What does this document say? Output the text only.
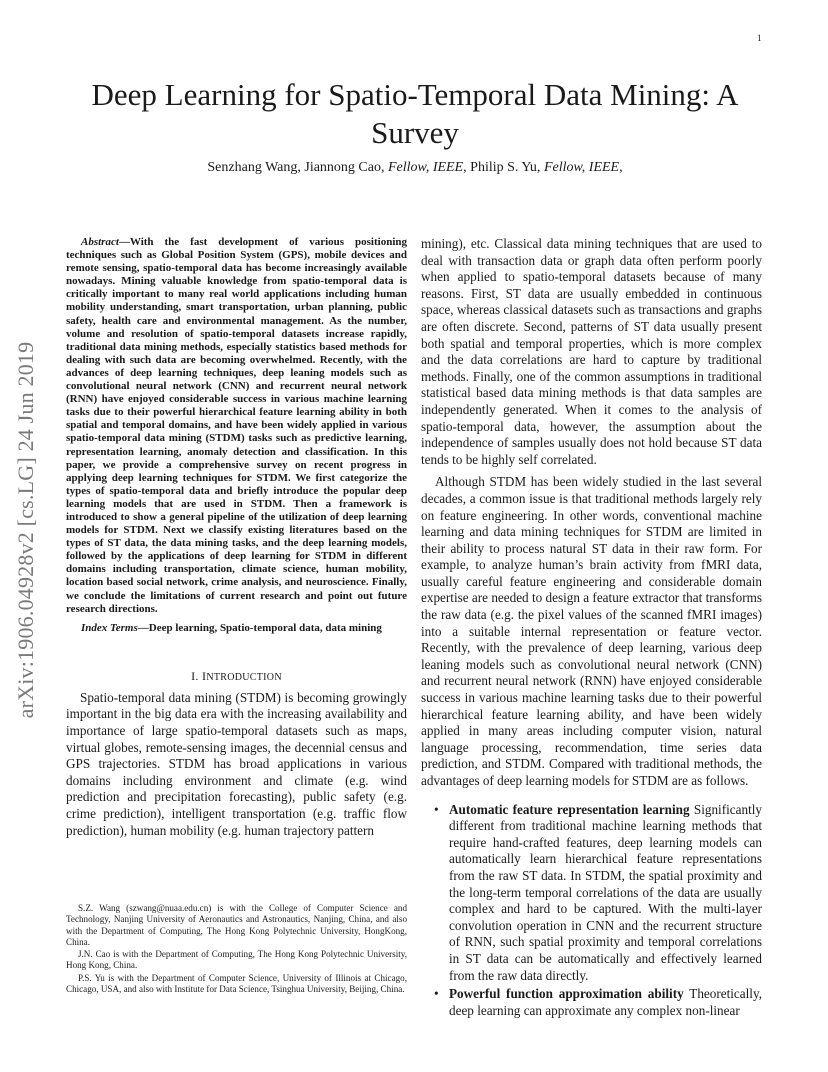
1
arXiv:1906.04928v2 [cs.LG] 24 Jun 2019
Deep Learning for Spatio-Temporal Data Mining: A Survey
Senzhang Wang, Jiannong Cao, Fellow, IEEE, Philip S. Yu, Fellow, IEEE,

Abstract—With the fast development of various positioning techniques such as Global Position System (GPS), mobile devices and remote sensing, spatio-temporal data has become increasingly available nowadays. Mining valuable knowledge from spatio-temporal data is critically important to many real world applications including human mobility understanding, smart transportation, urban planning, public safety, health care and environmental management. As the number, volume and resolution of spatio-temporal datasets increase rapidly, traditional data mining methods, especially statistics based methods for dealing with such data are becoming overwhelmed. Recently, with the advances of deep learning techniques, deep leaning models such as convolutional neural network (CNN) and recurrent neural network (RNN) have enjoyed considerable success in various machine learning tasks due to their powerful hierarchical feature learning ability in both spatial and temporal domains, and have been widely applied in various spatio-temporal data mining (STDM) tasks such as predictive learning, representation learning, anomaly detection and classification. In this paper, we provide a comprehensive survey on recent progress in applying deep learning techniques for STDM. We first categorize the types of spatio-temporal data and briefly introduce the popular deep learning models that are used in STDM. Then a framework is introduced to show a general pipeline of the utilization of deep learning models for STDM. Next we classify existing literatures based on the types of ST data, the data mining tasks, and the deep learning models, followed by the applications of deep learning for STDM in different domains including transportation, climate science, human mobility, location based social network, crime analysis, and neuroscience. Finally, we conclude the limitations of current research and point out future research directions.

Index Terms—Deep learning, Spatio-temporal data, data mining

I. INTRODUCTION

Spatio-temporal data mining (STDM) is becoming growingly important in the big data era with the increasing availability and importance of large spatio-temporal datasets such as maps, virtual globes, remote-sensing images, the decennial census and GPS trajectories. STDM has broad applications in various domains including environment and climate (e.g. wind prediction and precipitation forecasting), public safety (e.g. crime prediction), intelligent transportation (e.g. traffic flow prediction), human mobility (e.g. human trajectory pattern

S.Z. Wang (szwang@nuaa.edu.cn) is with the College of Computer Science and Technology, Nanjing University of Aeronautics and Astronautics, Nanjing, China, and also with the Department of Computing, The Hong Kong Polytechnic University, HongKong, China.

J.N. Cao is with the Department of Computing, The Hong Kong Polytechnic University, Hong Kong, China.

P.S. Yu is with the Department of Computer Science, University of Illinois at Chicago, Chicago, USA, and also with Institute for Data Science, Tsinghua University, Beijing, China.

mining), etc. Classical data mining techniques that are used to deal with transaction data or graph data often perform poorly when applied to spatio-temporal datasets because of many reasons. First, ST data are usually embedded in continuous space, whereas classical datasets such as transactions and graphs are often discrete. Second, patterns of ST data usually present both spatial and temporal properties, which is more complex and the data correlations are hard to capture by traditional methods. Finally, one of the common assumptions in traditional statistical based data mining methods is that data samples are independently generated. When it comes to the analysis of spatio-temporal data, however, the assumption about the independence of samples usually does not hold because ST data tends to be highly self correlated.

Although STDM has been widely studied in the last several decades, a common issue is that traditional methods largely rely on feature engineering. In other words, conventional machine learning and data mining techniques for STDM are limited in their ability to process natural ST data in their raw form. For example, to analyze human’s brain activity from fMRI data, usually careful feature engineering and considerable domain expertise are needed to design a feature extractor that transforms the raw data (e.g. the pixel values of the scanned fMRI images) into a suitable internal representation or feature vector. Recently, with the prevalence of deep learning, various deep leaning models such as convolutional neural network (CNN) and recurrent neural network (RNN) have enjoyed considerable success in various machine learning tasks due to their powerful hierarchical feature learning ability, and have been widely applied in many areas including computer vision, natural language processing, recommendation, time series data prediction, and STDM. Compared with traditional methods, the advantages of deep learning models for STDM are as follows.

• Automatic feature representation learning Significantly different from traditional machine learning methods that require hand-crafted features, deep learning models can automatically learn hierarchical feature representations from the raw ST data. In STDM, the spatial proximity and the long-term temporal correlations of the data are usually complex and hard to be captured. With the multi-layer convolution operation in CNN and the recurrent structure of RNN, such spatial proximity and temporal correlations in ST data can be automatically and effectively learned from the raw data directly.
• Powerful function approximation ability Theoretically, deep learning can approximate any complex non-linear
